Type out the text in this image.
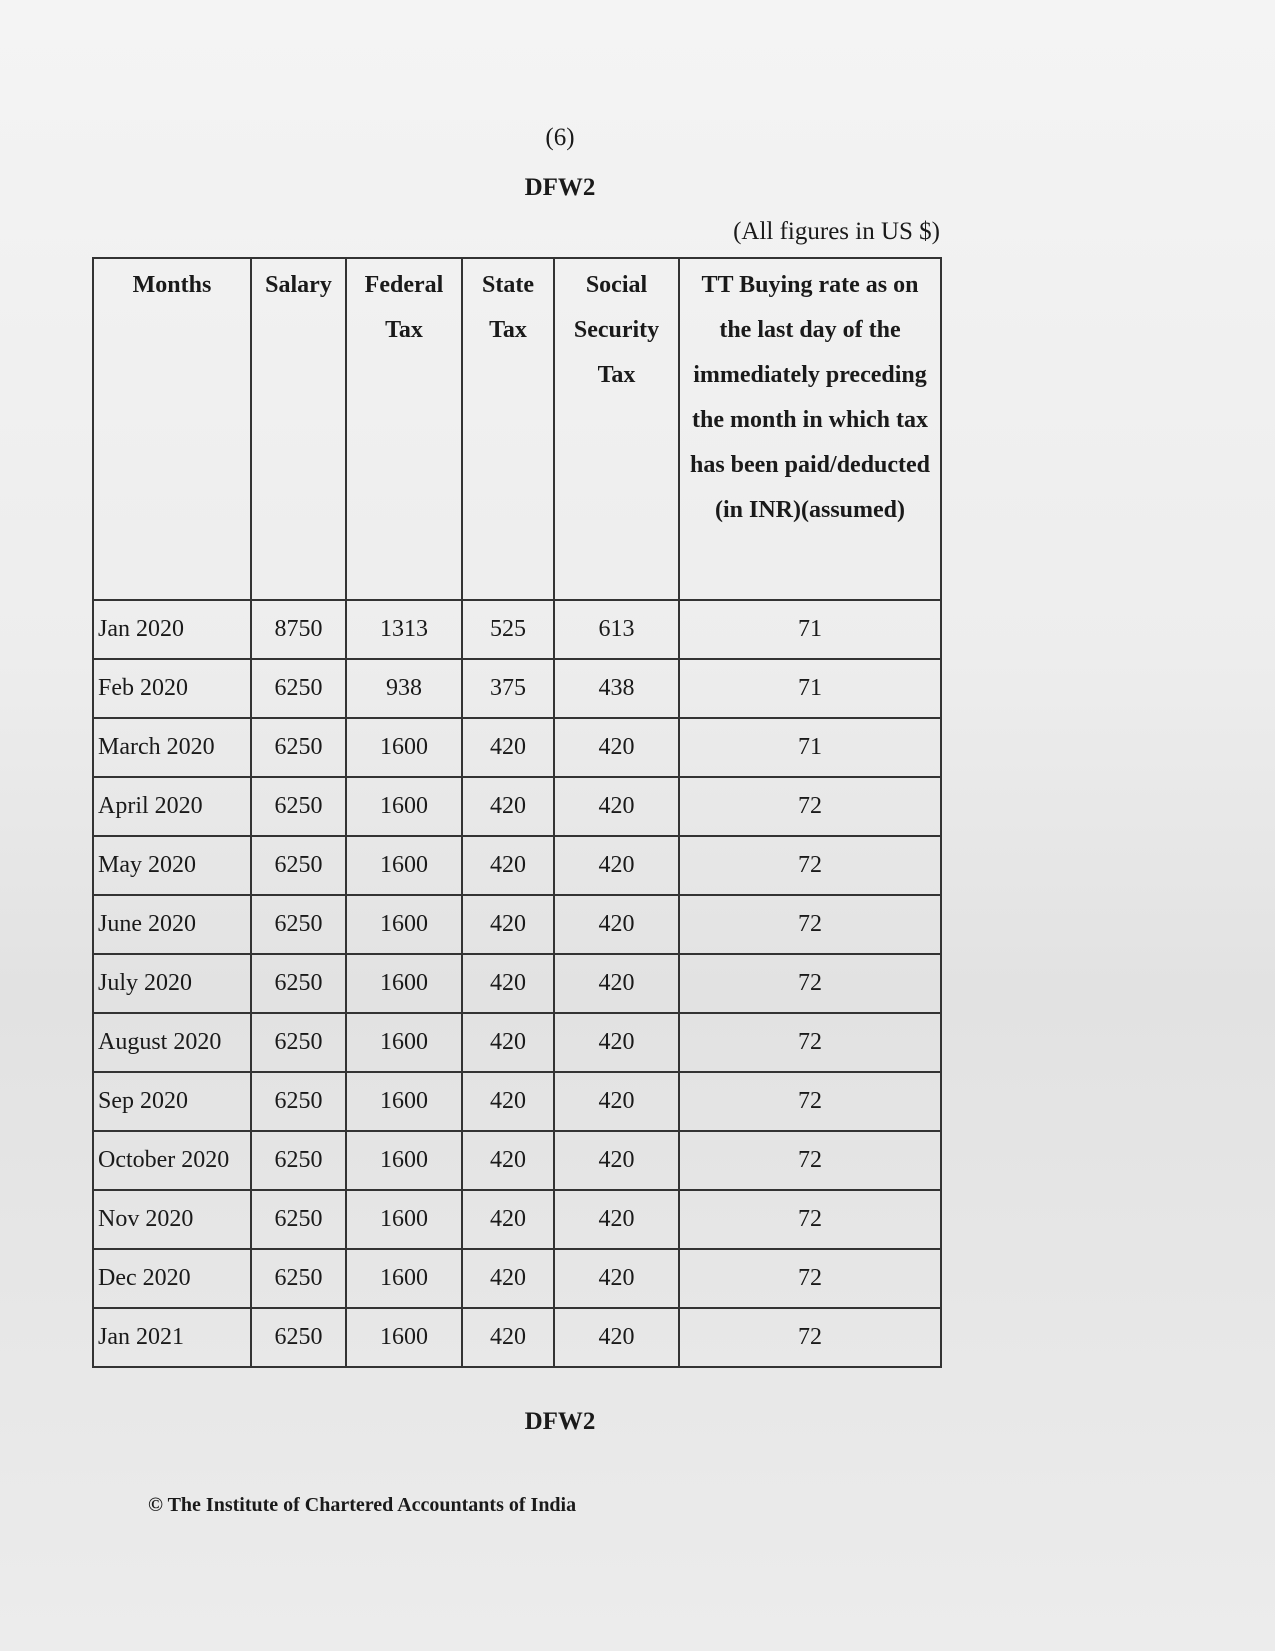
(6)
DFW2
(All figures in US $)
Months	Salary	Federal Tax	State Tax	Social Security Tax	TT Buying rate as on the last day of the immediately preceding the month in which tax has been paid/deducted (in INR)(assumed)
Jan 2020	8750	1313	525	613	71
Feb 2020	6250	938	375	438	71
March 2020	6250	1600	420	420	71
April 2020	6250	1600	420	420	72
May 2020	6250	1600	420	420	72
June 2020	6250	1600	420	420	72
July 2020	6250	1600	420	420	72
August 2020	6250	1600	420	420	72
Sep 2020	6250	1600	420	420	72
October 2020	6250	1600	420	420	72
Nov 2020	6250	1600	420	420	72
Dec 2020	6250	1600	420	420	72
Jan 2021	6250	1600	420	420	72
DFW2
© The Institute of Chartered Accountants of India
